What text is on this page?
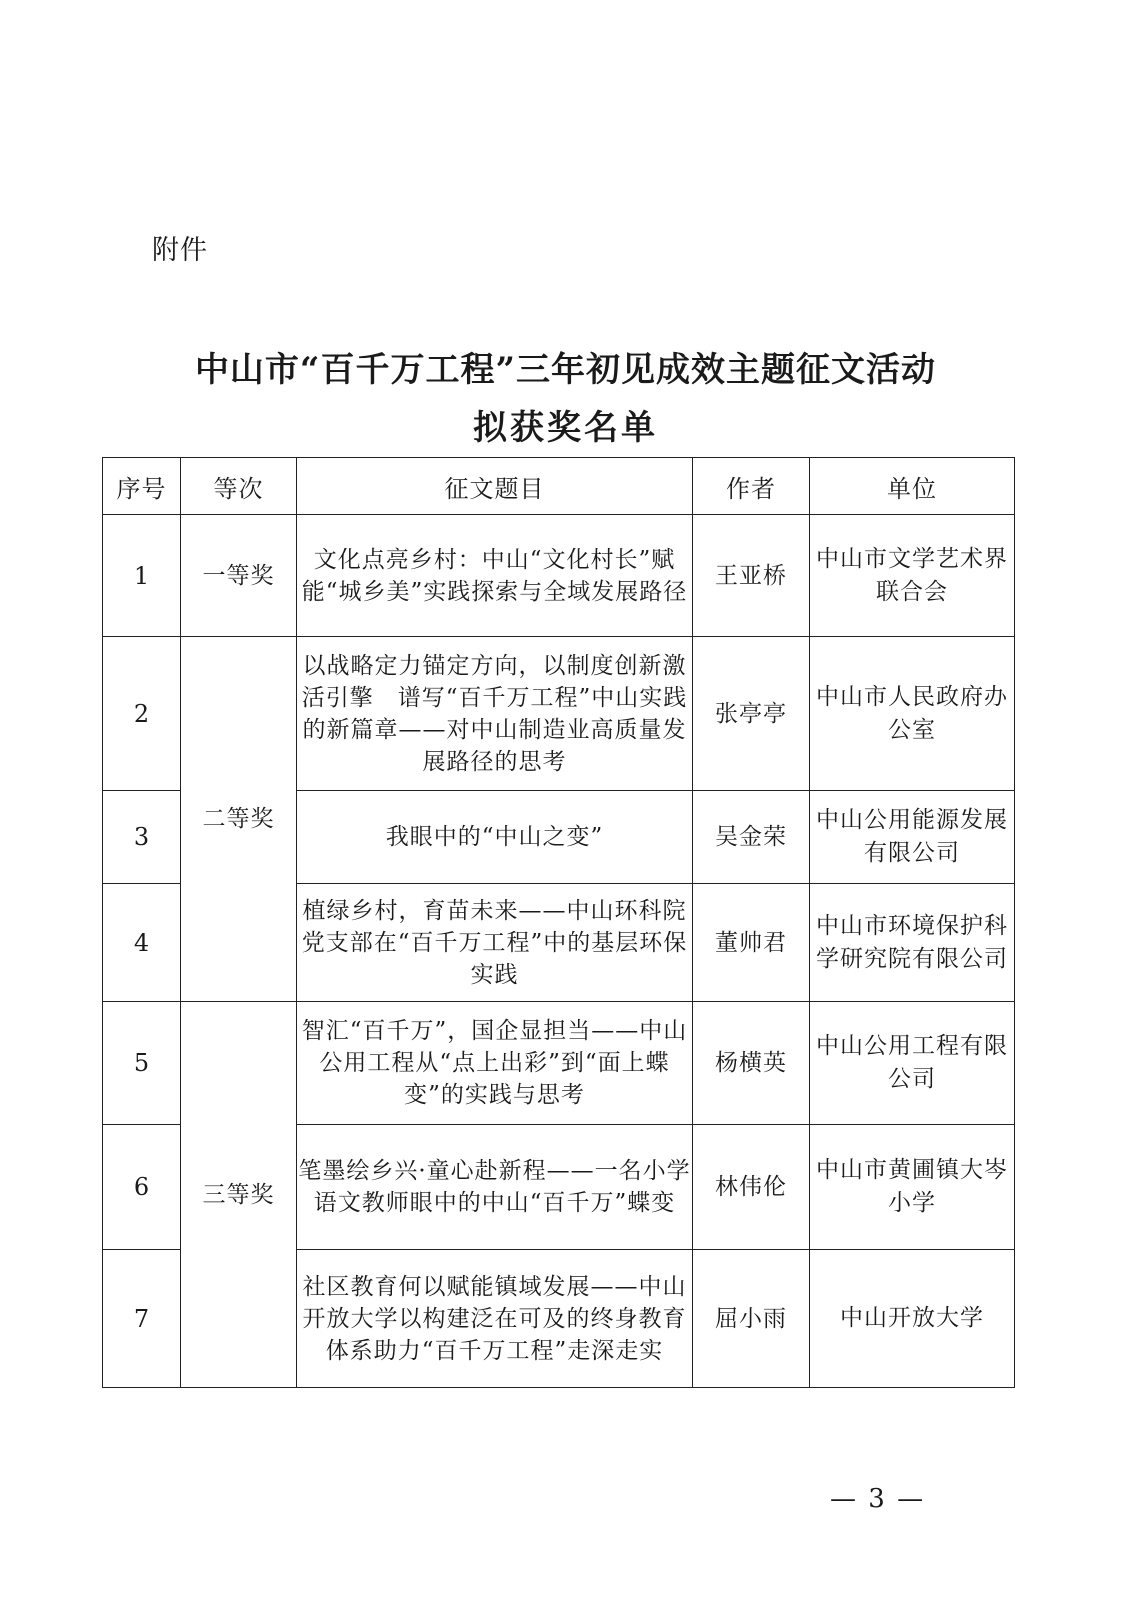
附件
中山市“百千万工程”三年初见成效主题征文活动
拟获奖名单
序号	等次	征文题目	作者	单位
1	一等奖	文化点亮乡村：中山“文化村长”赋能“城乡美”实践探索与全域发展路径	王亚桥	中山市文学艺术界联合会
2	二等奖	以战略定力锚定方向，以制度创新激活引擎　谱写“百千万工程”中山实践的新篇章——对中山制造业高质量发展路径的思考	张亭亭	中山市人民政府办公室
3		我眼中的“中山之变”	吴金荣	中山公用能源发展有限公司
4		植绿乡村，育苗未来——中山环科院党支部在“百千万工程”中的基层环保实践	董帅君	中山市环境保护科学研究院有限公司
5	三等奖	智汇“百千万”，国企显担当——中山公用工程从“点上出彩”到“面上蝶变”的实践与思考	杨横英	中山公用工程有限公司
6		笔墨绘乡兴·童心赴新程——一名小学语文教师眼中的中山“百千万”蝶变	林伟伦	中山市黄圃镇大岑小学
7		社区教育何以赋能镇域发展——中山开放大学以构建泛在可及的终身教育体系助力“百千万工程”走深走实	屈小雨	中山开放大学
— 3 —
